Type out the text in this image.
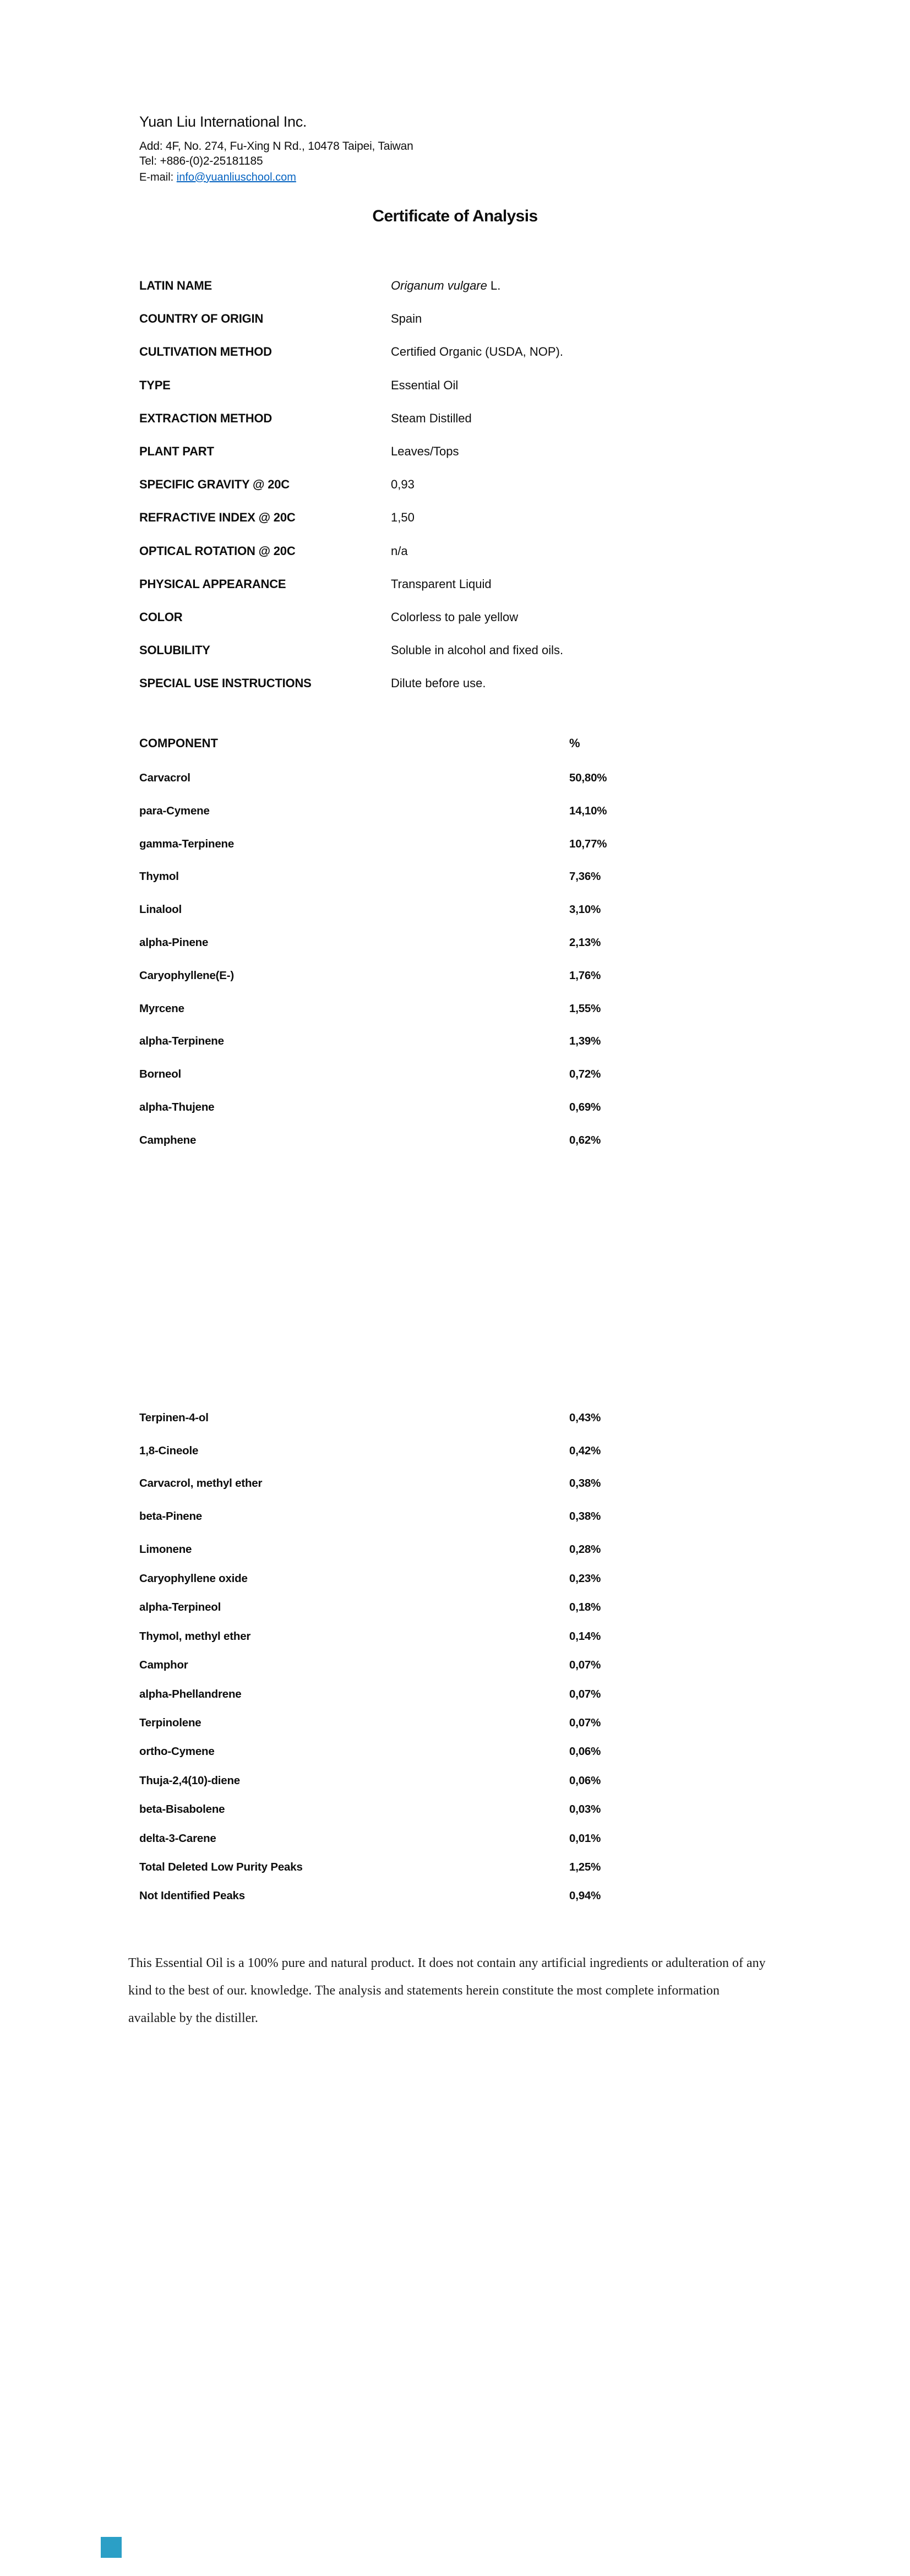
Yuan Liu International Inc.
Add: 4F, No. 274, Fu-Xing N Rd., 10478 Taipei, Taiwan
Tel: +886-(0)2-25181185
E-mail: info@yuanliuschool.com
Certificate of Analysis
LATIN NAME	Origanum vulgare L.
COUNTRY OF ORIGIN	Spain
CULTIVATION METHOD	Certified Organic (USDA, NOP).
TYPE	Essential Oil
EXTRACTION METHOD	Steam Distilled
PLANT PART	Leaves/Tops
SPECIFIC GRAVITY @ 20C	0,93
REFRACTIVE INDEX @ 20C	1,50
OPTICAL ROTATION @ 20C	n/a
PHYSICAL APPEARANCE	Transparent Liquid
COLOR	Colorless to pale yellow
SOLUBILITY	Soluble in alcohol and fixed oils.
SPECIAL USE INSTRUCTIONS	Dilute before use.
COMPONENT	%
Carvacrol	50,80%
para-Cymene	14,10%
gamma-Terpinene	10,77%
Thymol	7,36%
Linalool	3,10%
alpha-Pinene	2,13%
Caryophyllene(E-)	1,76%
Myrcene	1,55%
alpha-Terpinene	1,39%
Borneol	0,72%
alpha-Thujene	0,69%
Camphene	0,62%
Terpinen-4-ol	0,43%
1,8-Cineole	0,42%
Carvacrol, methyl ether	0,38%
beta-Pinene	0,38%
Limonene	0,28%
Caryophyllene oxide	0,23%
alpha-Terpineol	0,18%
Thymol, methyl ether	0,14%
Camphor	0,07%
alpha-Phellandrene	0,07%
Terpinolene	0,07%
ortho-Cymene	0,06%
Thuja-2,4(10)-diene	0,06%
beta-Bisabolene	0,03%
delta-3-Carene	0,01%
Total Deleted Low Purity Peaks	1,25%
Not Identified Peaks	0,94%
This Essential Oil is a 100% pure and natural product. It does not contain any artificial ingredients or adulteration of any
kind to the best of our. knowledge. The analysis and statements herein constitute the most complete information
available by the distiller.
